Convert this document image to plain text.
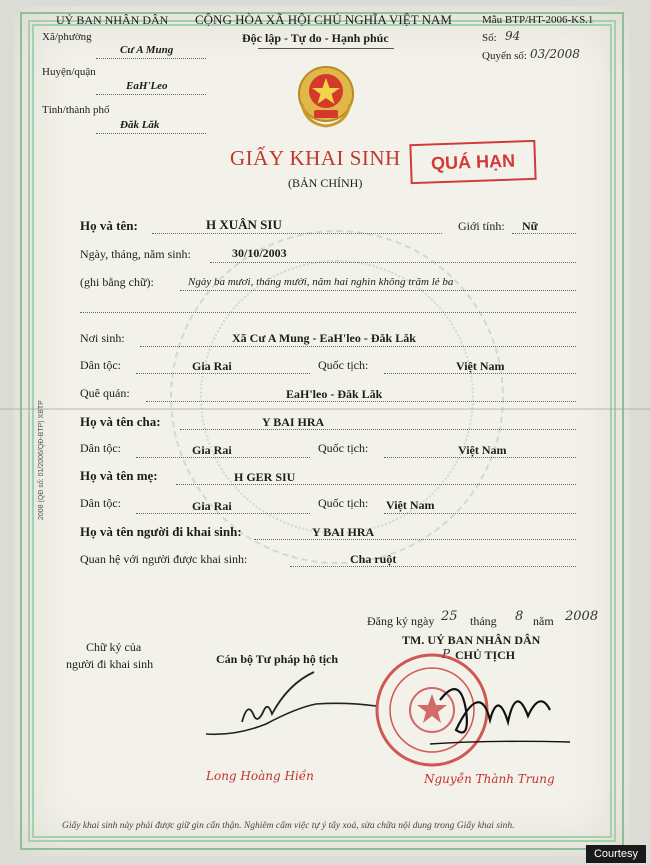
UỶ BAN NHÂN DÂN
Xã/phường
Cư A Mung
Huyện/quận
EaH'Leo
Tỉnh/thành phố
Đăk Lăk
CỘNG HÒA XÃ HỘI CHỦ NGHĨA VIỆT NAM
Độc lập - Tự do - Hạnh phúc
Mẫu BTP/HT-2006-KS.1
Số: 94
Quyển số: 03/2008
GIẤY KHAI SINH	QUÁ HẠN
(BẢN CHÍNH)
Họ và tên:	H XUÂN SIU	Giới tính: Nữ
Ngày, tháng, năm sinh:	30/10/2003
(ghi bằng chữ):	Ngày ba mươi, tháng mười, năm hai nghìn không trăm lẻ ba
Nơi sinh:	Xã Cư A Mung - EaH'leo - Đăk Lăk
Dân tộc:	Gia Rai	Quốc tịch:	Việt Nam
Quê quán:	EaH'leo - Đăk Lăk
Họ và tên cha:	Y BAI HRA
Dân tộc:	Gia Rai	Quốc tịch:	Việt Nam
Họ và tên mẹ:	H GER SIU
Dân tộc:	Gia Rai	Quốc tịch: Việt Nam
Họ và tên người đi khai sinh:	Y BAI HRA
Quan hệ với người được khai sinh:	Cha ruột
Đăng ký ngày 25 tháng 8 năm 2008
Chữ ký của
người đi khai sinh	Cán bộ Tư pháp hộ tịch
TM. UỶ BAN NHÂN DÂN
P. CHỦ TỊCH
Long Hoàng Hiền	Nguyễn Thành Trung
Giấy khai sinh này phải được giữ gìn cẩn thận. Nghiêm cấm việc tự ý tẩy xoá, sửa chữa nội dung trong Giấy khai sinh.
2008 (QĐ số: 01/2006/QĐ-BTP) XBTP
Courtesy
